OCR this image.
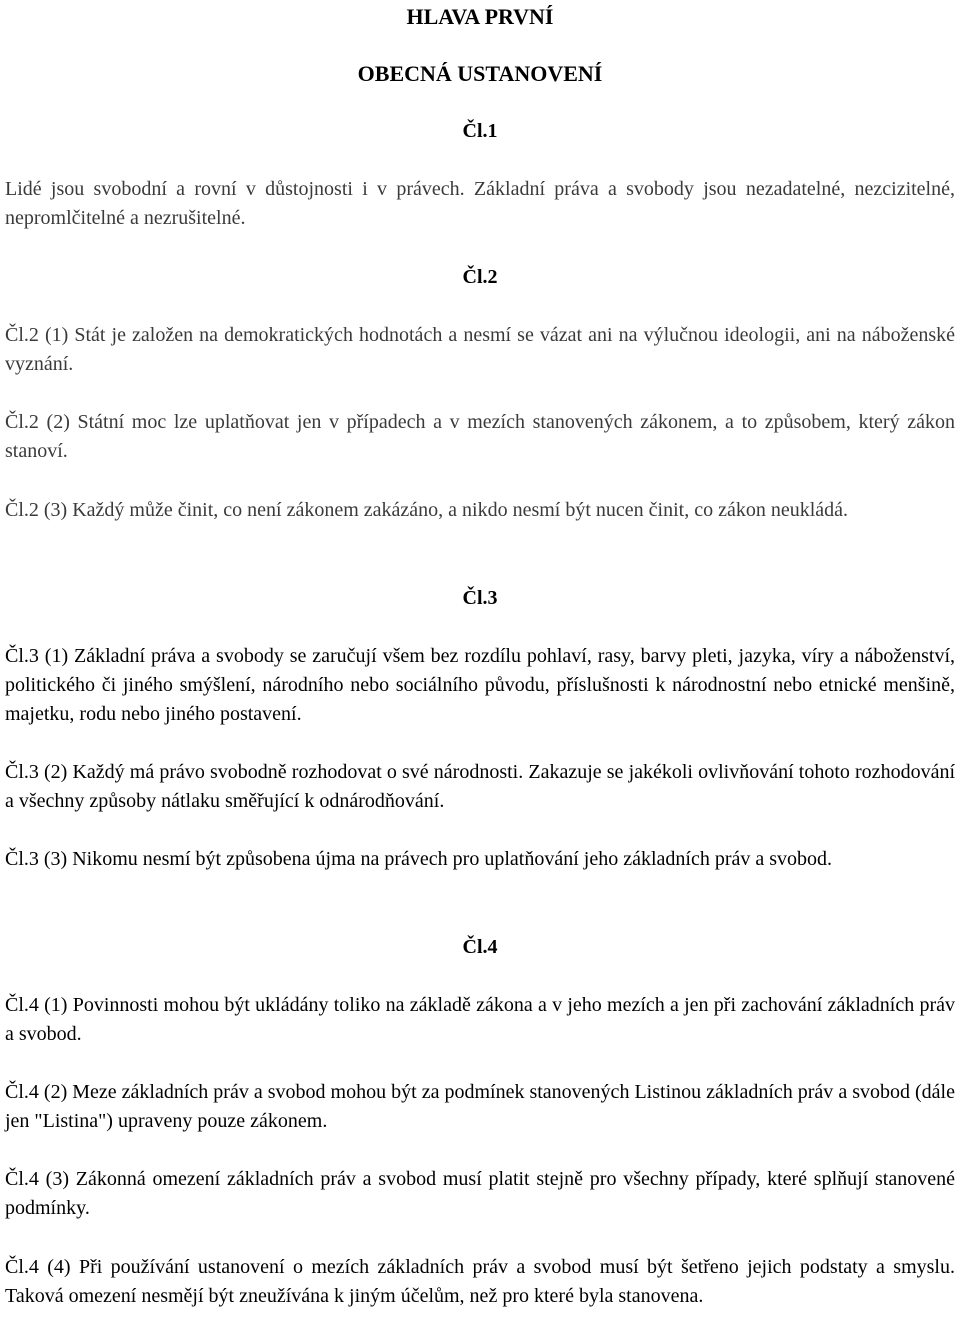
HLAVA PRVNÍ
OBECNÁ USTANOVENÍ
Čl.1

Lidé jsou svobodní a rovní v důstojnosti i v právech. Základní práva a svobody jsou nezadatelné, nezcizitelné, nepromlčitelné a nezrušitelné.

Čl.2

Čl.2 (1) Stát je založen na demokratických hodnotách a nesmí se vázat ani na výlučnou ideologii, ani na náboženské vyznání.

Čl.2 (2) Státní moc lze uplatňovat jen v případech a v mezích stanovených zákonem, a to způsobem, který zákon stanoví.

Čl.2 (3) Každý může činit, co není zákonem zakázáno, a nikdo nesmí být nucen činit, co zákon neukládá.

Čl.3

Čl.3 (1) Základní práva a svobody se zaručují všem bez rozdílu pohlaví, rasy, barvy pleti, jazyka, víry a náboženství, politického či jiného smýšlení, národního nebo sociálního původu, příslušnosti k národnostní nebo etnické menšině, majetku, rodu nebo jiného postavení.

Čl.3 (2) Každý má právo svobodně rozhodovat o své národnosti. Zakazuje se jakékoli ovlivňování tohoto rozhodování a všechny způsoby nátlaku směřující k odnárodňování.

Čl.3 (3) Nikomu nesmí být způsobena újma na právech pro uplatňování jeho základních práv a svobod.

Čl.4

Čl.4 (1) Povinnosti mohou být ukládány toliko na základě zákona a v jeho mezích a jen při zachování základních práv a svobod.

Čl.4 (2) Meze základních práv a svobod mohou být za podmínek stanovených Listinou základních práv a svobod (dále jen "Listina") upraveny pouze zákonem.

Čl.4 (3) Zákonná omezení základních práv a svobod musí platit stejně pro všechny případy, které splňují stanovené podmínky.

Čl.4 (4) Při používání ustanovení o mezích základních práv a svobod musí být šetřeno jejich podstaty a smyslu. Taková omezení nesmějí být zneužívána k jiným účelům, než pro které byla stanovena.
